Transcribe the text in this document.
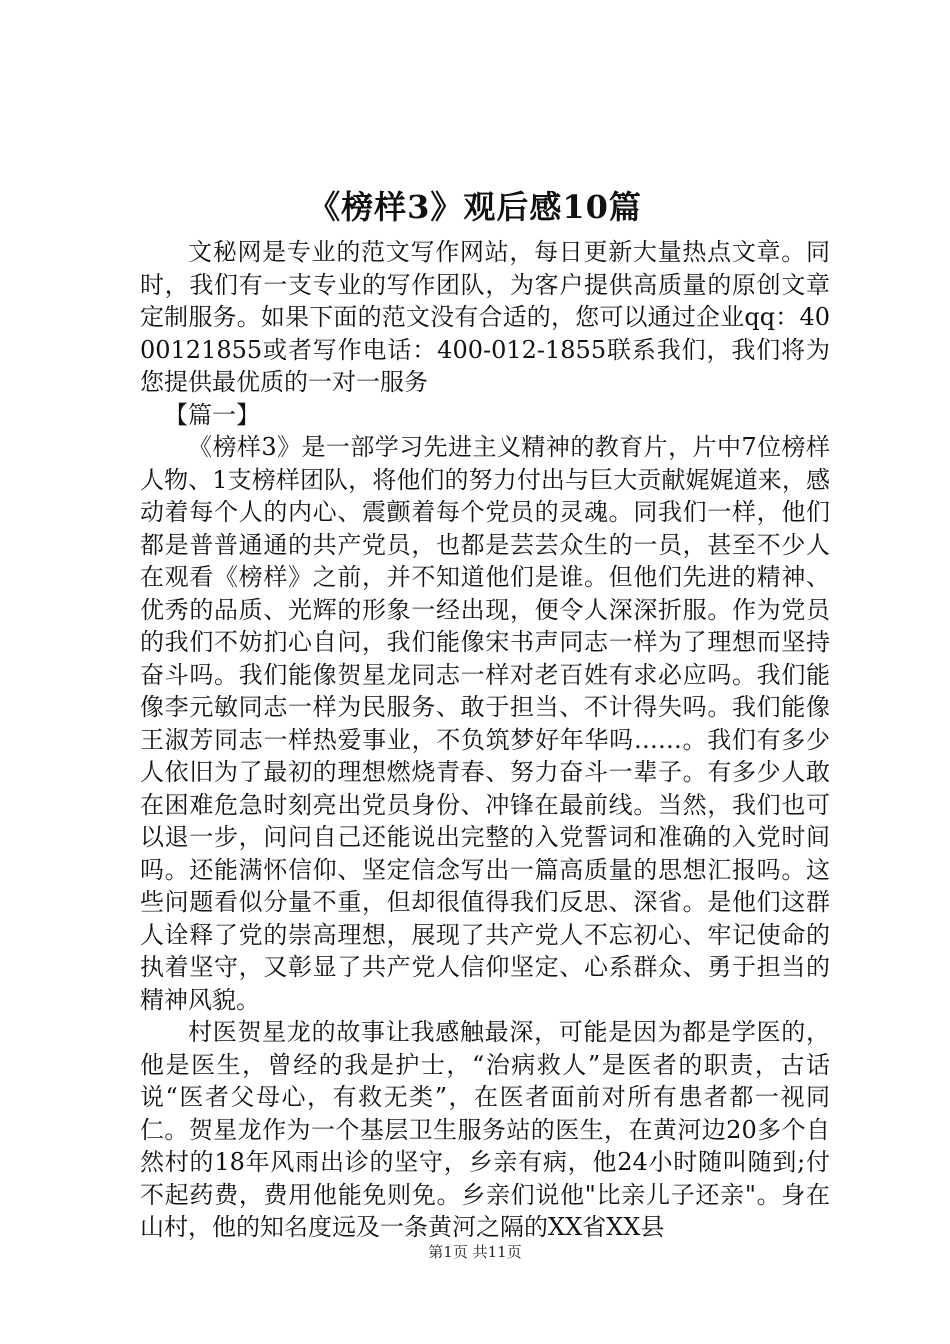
《榜样3》观后感10篇

文秘网是专业的范文写作网站，每日更新大量热点文章。同时，我们有一支专业的写作团队，为客户提供高质量的原创文章定制服务。如果下面的范文没有合适的，您可以通过企业qq：4000121855或者写作电话：400-012-1855联系我们，我们将为您提供最优质的一对一服务

【篇一】

《榜样3》是一部学习先进主义精神的教育片，片中7位榜样人物、1支榜样团队，将他们的努力付出与巨大贡献娓娓道来，感动着每个人的内心、震颤着每个党员的灵魂。同我们一样，他们都是普普通通的共产党员，也都是芸芸众生的一员，甚至不少人在观看《榜样》之前，并不知道他们是谁。但他们先进的精神、优秀的品质、光辉的形象一经出现，便令人深深折服。作为党员的我们不妨扪心自问，我们能像宋书声同志一样为了理想而坚持奋斗吗。我们能像贺星龙同志一样对老百姓有求必应吗。我们能像李元敏同志一样为民服务、敢于担当、不计得失吗。我们能像王淑芳同志一样热爱事业，不负筑梦好年华吗……。我们有多少人依旧为了最初的理想燃烧青春、努力奋斗一辈子。有多少人敢在困难危急时刻亮出党员身份、冲锋在最前线。当然，我们也可以退一步，问问自己还能说出完整的入党誓词和准确的入党时间吗。还能满怀信仰、坚定信念写出一篇高质量的思想汇报吗。这些问题看似分量不重，但却很值得我们反思、深省。是他们这群人诠释了党的崇高理想，展现了共产党人不忘初心、牢记使命的执着坚守，又彰显了共产党人信仰坚定、心系群众、勇于担当的精神风貌。

村医贺星龙的故事让我感触最深，可能是因为都是学医的，他是医生，曾经的我是护士，“治病救人”是医者的职责，古话说“医者父母心，有救无类”，在医者面前对所有患者都一视同仁。贺星龙作为一个基层卫生服务站的医生，在黄河边20多个自然村的18年风雨出诊的坚守，乡亲有病，他24小时随叫随到;付不起药费，费用他能免则免。乡亲们说他"比亲儿子还亲"。身在山村，他的知名度远及一条黄河之隔的XX省XX县

第1页 共11页
